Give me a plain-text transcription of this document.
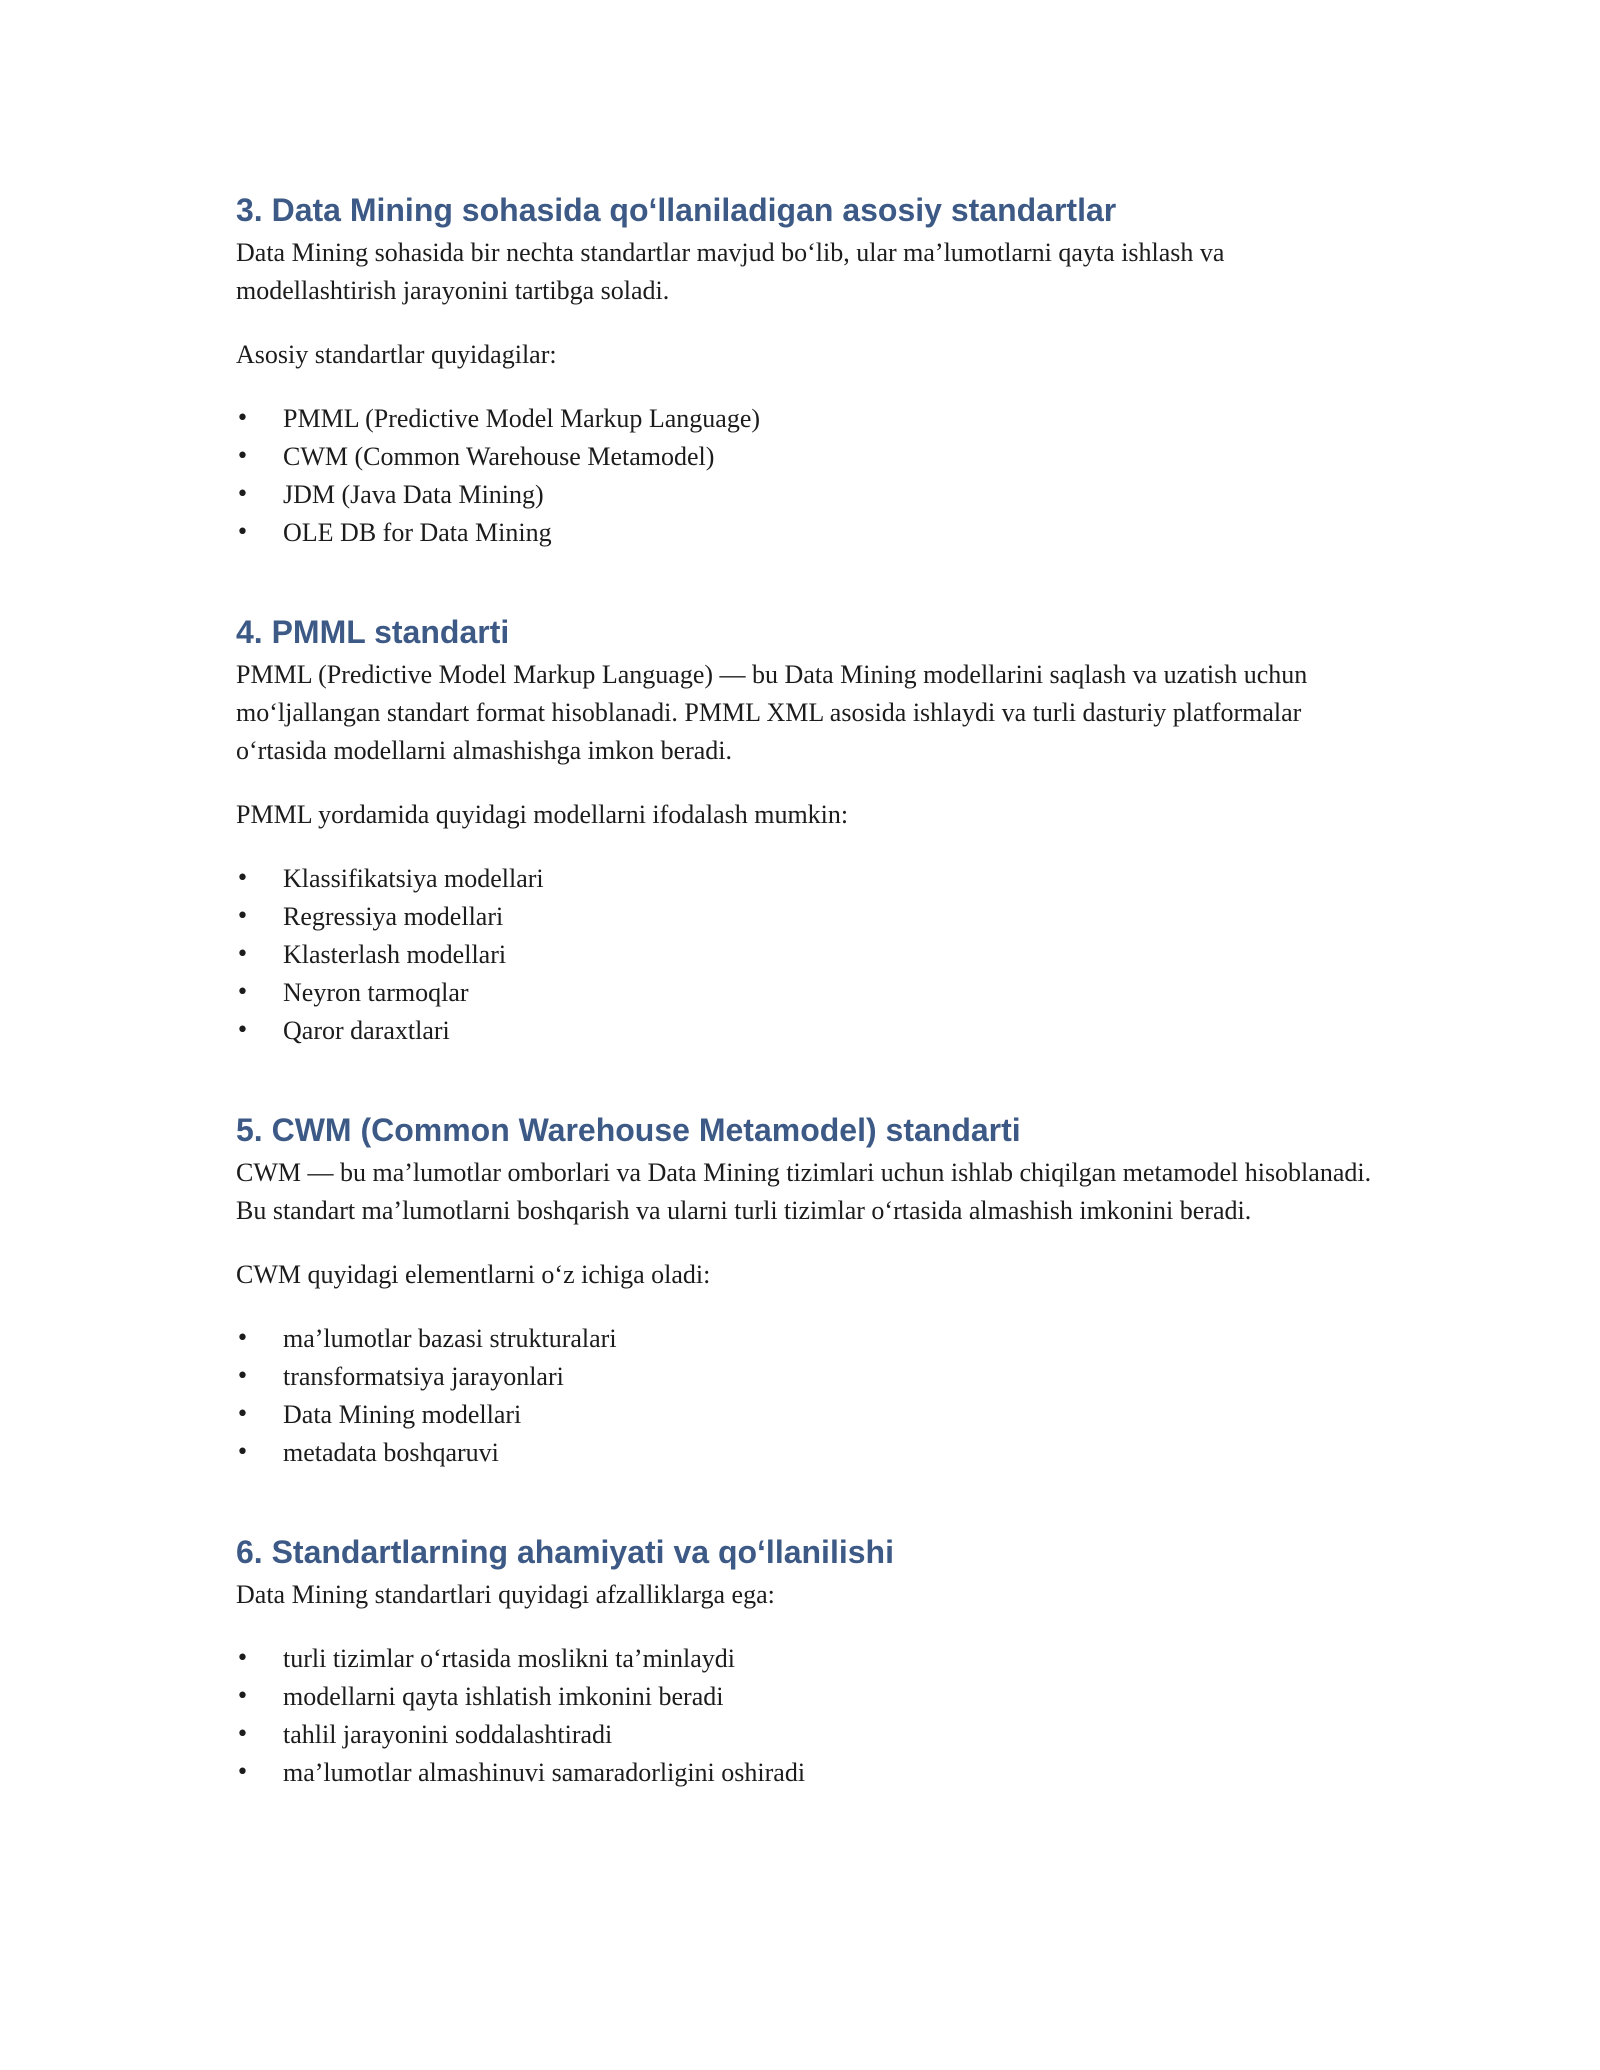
3. Data Mining sohasida qo‘llaniladigan asosiy standartlar

Data Mining sohasida bir nechta standartlar mavjud bo‘lib, ular ma’lumotlarni qayta ishlash va modellashtirish jarayonini tartibga soladi.

Asosiy standartlar quyidagilar:

• PMML (Predictive Model Markup Language)
• CWM (Common Warehouse Metamodel)
• JDM (Java Data Mining)
• OLE DB for Data Mining
4. PMML standarti

PMML (Predictive Model Markup Language) — bu Data Mining modellarini saqlash va uzatish uchun mo‘ljallangan standart format hisoblanadi. PMML XML asosida ishlaydi va turli dasturiy platformalar o‘rtasida modellarni almashishga imkon beradi.

PMML yordamida quyidagi modellarni ifodalash mumkin:

• Klassifikatsiya modellari
• Regressiya modellari
• Klasterlash modellari
• Neyron tarmoqlar
• Qaror daraxtlari
5. CWM (Common Warehouse Metamodel) standarti

CWM — bu ma’lumotlar omborlari va Data Mining tizimlari uchun ishlab chiqilgan metamodel hisoblanadi. Bu standart ma’lumotlarni boshqarish va ularni turli tizimlar o‘rtasida almashish imkonini beradi.

CWM quyidagi elementlarni o‘z ichiga oladi:

• ma’lumotlar bazasi strukturalari
• transformatsiya jarayonlari
• Data Mining modellari
• metadata boshqaruvi
6. Standartlarning ahamiyati va qo‘llanilishi

Data Mining standartlari quyidagi afzalliklarga ega:

• turli tizimlar o‘rtasida moslikni ta’minlaydi
• modellarni qayta ishlatish imkonini beradi
• tahlil jarayonini soddalashtiradi
• ma’lumotlar almashinuvi samaradorligini oshiradi
